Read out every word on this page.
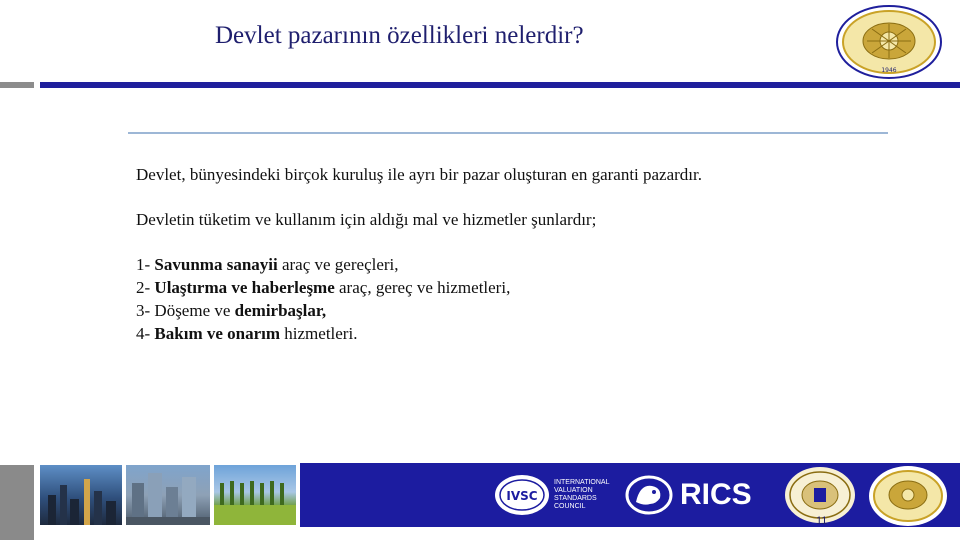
Devlet pazarının özellikleri nelerdir?
1946

Devlet, bünyesindeki birçok kuruluş ile ayrı bir pazar oluşturan en garanti pazardır.

Devletin tüketim ve kullanım için aldığı mal ve hizmetler şunlardır;

1- Savunma sanayii araç ve gereçleri,
2- Ulaştırma ve haberleşme araç, gereç ve hizmetleri,
3- Döşeme ve demirbaşlar,
4- Bakım ve onarım hizmetleri.
IVSC
INTERNATIONAL
VALUATION
STANDARDS
COUNCIL	RICS
11
